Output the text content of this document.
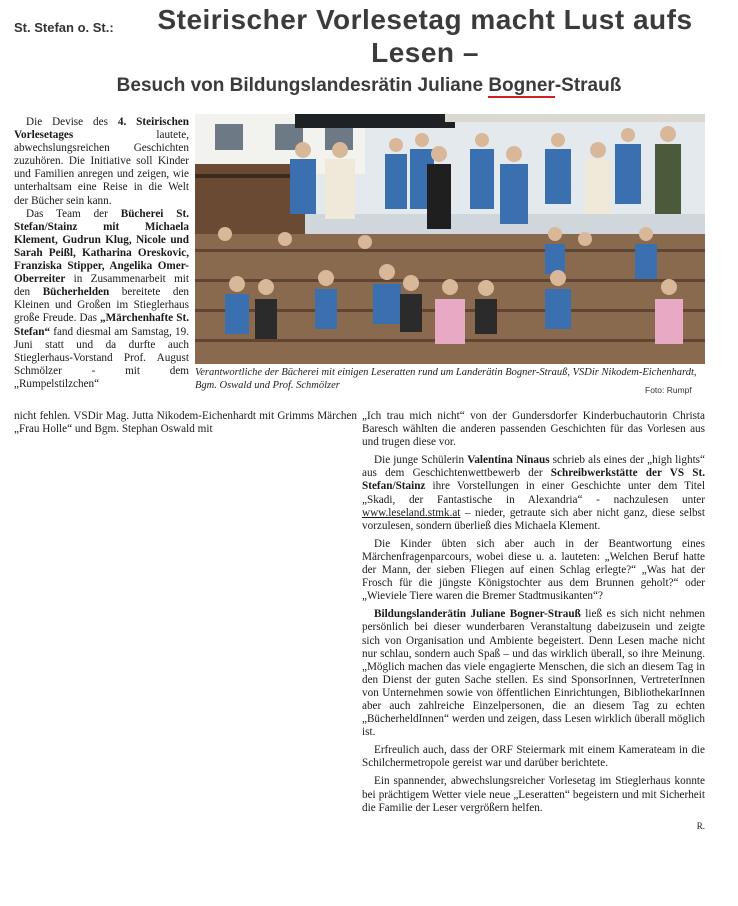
St. Stefan o. St.:	Steirischer Vorlesetag macht Lust aufs Lesen –
Besuch von Bildungslandesrätin Juliane Bogner-Strauß
Verantwortliche der Bücherei mit einigen Leseratten rund um Landerätin Bogner-Strauß, VSDir Nikodem-Eichenhardt, Bgm. Oswald und Prof. Schmölzer	Foto: Rumpf

Die Devise des 4. Steirischen Vorlesetages lautete, abwechslungsreichen Geschichten zuzuhören. Die Initiative soll Kinder und Familien anregen und zeigen, wie unterhaltsam eine Reise in die Welt der Bücher sein kann.

Das Team der Bücherei St. Stefan/Stainz mit Michaela Klement, Gudrun Klug, Nicole und Sarah Peißl, Katharina Oreskovic, Franziska Stipper, Angelika Omer-Oberreiter in Zusammenarbeit mit den Bücherhelden bereitete den Kleinen und Großen im Stieglerhaus große Freude. Das „Märchenhafte St. Stefan“ fand diesmal am Samstag, 19. Juni statt und da durfte auch Stieglerhaus-Vorstand Prof. August Schmölzer - mit dem „Rumpelstilzchen“

nicht fehlen. VSDir Mag. Jutta Nikodem-Eichenhardt mit Grimms Märchen „Frau Holle“ und Bgm. Stephan Oswald mit

„Ich trau mich nicht“ von der Gundersdorfer Kinderbuchautorin Christa Baresch wählten die anderen passenden Geschichten für das Vorlesen aus und trugen diese vor.

Die junge Schülerin Valentina Ninaus schrieb als eines der „high lights“ aus dem Geschichtenwettbewerb der Schreibwerkstätte der VS St. Stefan/Stainz ihre Vorstellungen in einer Geschichte unter dem Titel „Skadi, der Fantastische in Alexandria“ - nachzulesen unter www.leseland.stmk.at – nieder, getraute sich aber nicht ganz, diese selbst vorzulesen, sondern überließ dies Michaela Klement.

Die Kinder übten sich aber auch in der Beantwortung eines Märchenfragenparcours, wobei diese u. a. lauteten: „Welchen Beruf hatte der Mann, der sieben Fliegen auf einen Schlag erlegte?“ „Was hat der Frosch für die jüngste Königstochter aus dem Brunnen geholt?“ oder „Wieviele Tiere waren die Bremer Stadtmusikanten“?

Bildungslanderätin Juliane Bogner-Strauß ließ es sich nicht nehmen persönlich bei dieser wunderbaren Veranstaltung dabeizusein und zeigte sich von Organisation und Ambiente begeistert. Denn Lesen mache nicht nur schlau, sondern auch Spaß – und das wirklich überall, so ihre Meinung. „Möglich machen das viele engagierte Menschen, die sich an diesem Tag in den Dienst der guten Sache stellen. Es sind SponsorInnen, VertreterInnen von Unternehmen sowie von öffentlichen Einrichtungen, BibliothekarInnen aber auch zahlreiche Einzelpersonen, die an diesem Tag zu echten „BücherheldInnen“ werden und zeigen, dass Lesen wirklich überall möglich ist.

Erfreulich auch, dass der ORF Steiermark mit einem Kamerateam in die Schilchermetropole gereist war und darüber berichtete.

Ein spannender, abwechslungsreicher Vorlesetag im Stieglerhaus konnte bei prächtigem Wetter viele neue „Leseratten“ begeistern und mit Sicherheit die Familie der Leser vergrößern helfen.

R.
